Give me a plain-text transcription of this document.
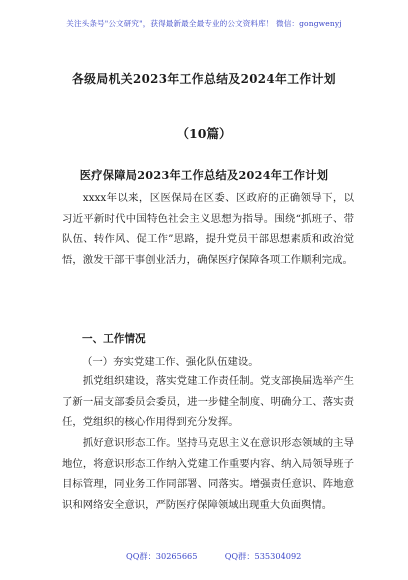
关注头条号"公文研究"，获得最新最全最专业的公文资料库！ 微信：gongwenyj
各级局机关2023年工作总结及2024年工作计划
（10篇）
医疗保障局2023年工作总结及2024年工作计划

xxxx年以来，区医保局在区委、区政府的正确领导下，以习近平新时代中国特色社会主义思想为指导。围绕“抓班子、带队伍、转作风、促工作”思路，提升党员干部思想素质和政治觉悟，激发干部干事创业活力，确保医疗保障各项工作顺利完成。

一、工作情况
（一）夯实党建工作、强化队伍建设。

抓党组织建设，落实党建工作责任制。党支部换届选举产生了新一届支部委员会委员，进一步健全制度、明确分工、落实责任，党组织的核心作用得到充分发挥。

抓好意识形态工作。坚持马克思主义在意识形态领域的主导地位，将意识形态工作纳入党建工作重要内容、纳入局领导班子目标管理，同业务工作同部署、同落实。增强责任意识、阵地意识和网络安全意识，严防医疗保障领域出现重大负面舆情。

QQ群：30265665	QQ群：535304092
